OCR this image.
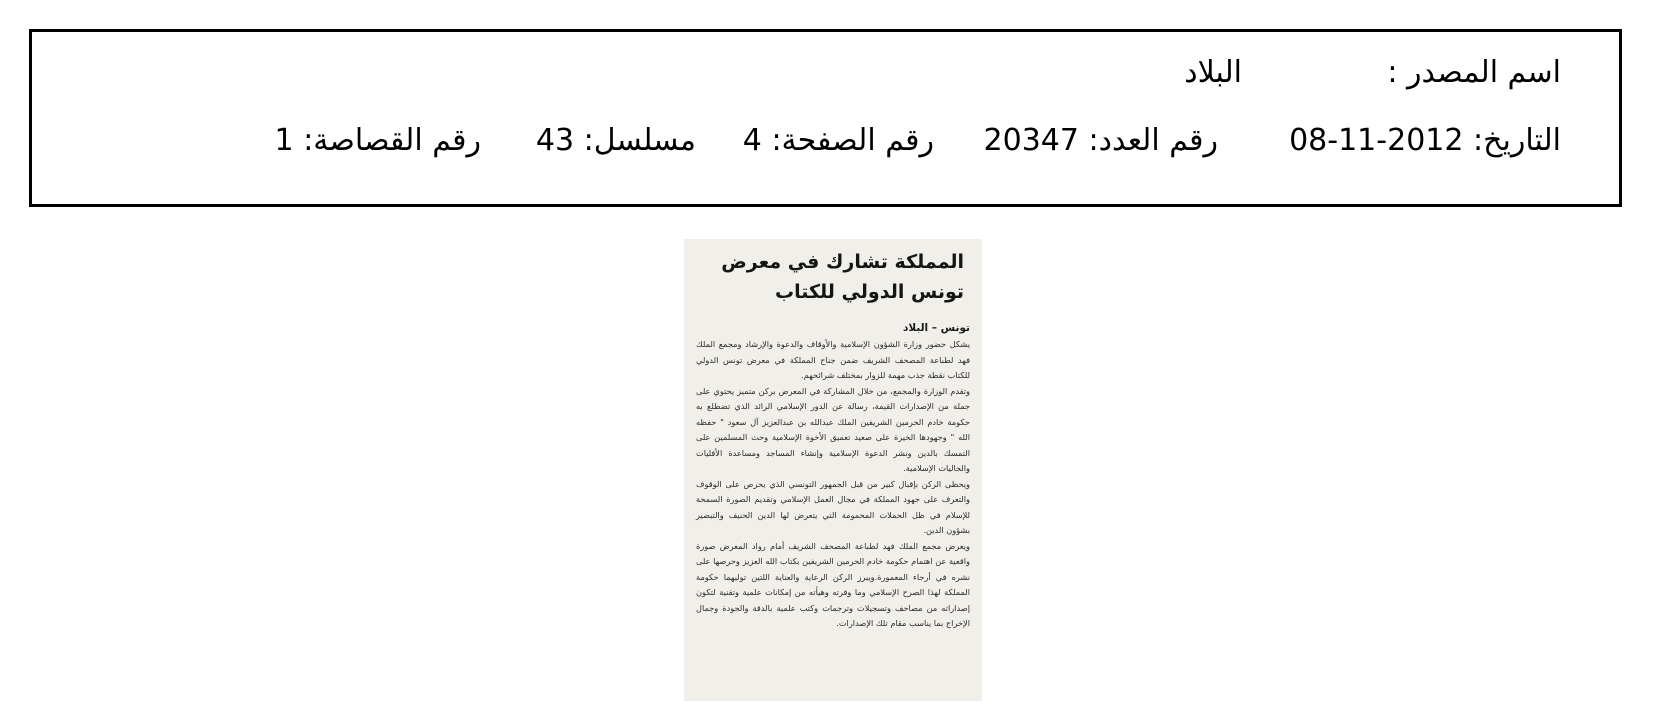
اسم المصدر :
البلاد
التاريخ: 2012-11-08
رقم العدد: 20347
رقم الصفحة: 4
مسلسل: 43
رقم القصاصة: 1
المملكة تشارك في معرض
تونس الدولي للكتاب
تونس – البلاد

يشكل حضور وزارة الشؤون الإسلامية والأوقاف والدعوة والإرشاد ومجمع الملك فهد لطباعة المصحف الشريف ضمن جناح المملكة في معرض تونس الدولي للكتاب نقطة جذب مهمة للزوار بمختلف شرائحهم.

وتقدم الوزارة والمجمع، من خلال المشاركة في المعرض بركن متميز يحتوي على جملة من الإصدارات القيمة، رسالة عن الدور الإسلامي الرائد الذي تضطلع به حكومة خادم الحرمين الشريفين الملك عبدالله بن عبدالعزيز آل سعود " حفظه الله " وجهودها الخيرة على صعيد تعميق الأخوة الإسلامية وحث المسلمين على التمسك بالدين ونشر الدعوة الإسلامية وإنشاء المساجد ومساعدة الأقليات والجاليات الإسلامية.

ويحظى الركن بإقبال كبير من قبل الجمهور التونسي الذي يحرص على الوقوف والتعرف على جهود المملكة في مجال العمل الإسلامي وتقديم الصورة السمحة للإسلام في ظل الحملات المحمومة التي يتعرض لها الدين الحنيف والتبصير بشؤون الدين.

ويعرض مجمع الملك فهد لطباعة المصحف الشريف أمام رواد المعرض صورة واقعية عن اهتمام حكومة خادم الحرمين الشريفين بكتاب الله العزيز وحرصها على نشره في أرجاء المعمورة.ويبرز الركن الرعاية والعناية اللتين توليهما حكومة المملكة لهذا الصرح الإسلامي وما وفرته وهيأته من إمكانات علمية وتقنية لتكون إصداراته من مصاحف وتسجيلات وترجمات وكتب علمية بالدقة والجودة وجمال الإخراج بما يناسب مقام تلك الإصدارات.
